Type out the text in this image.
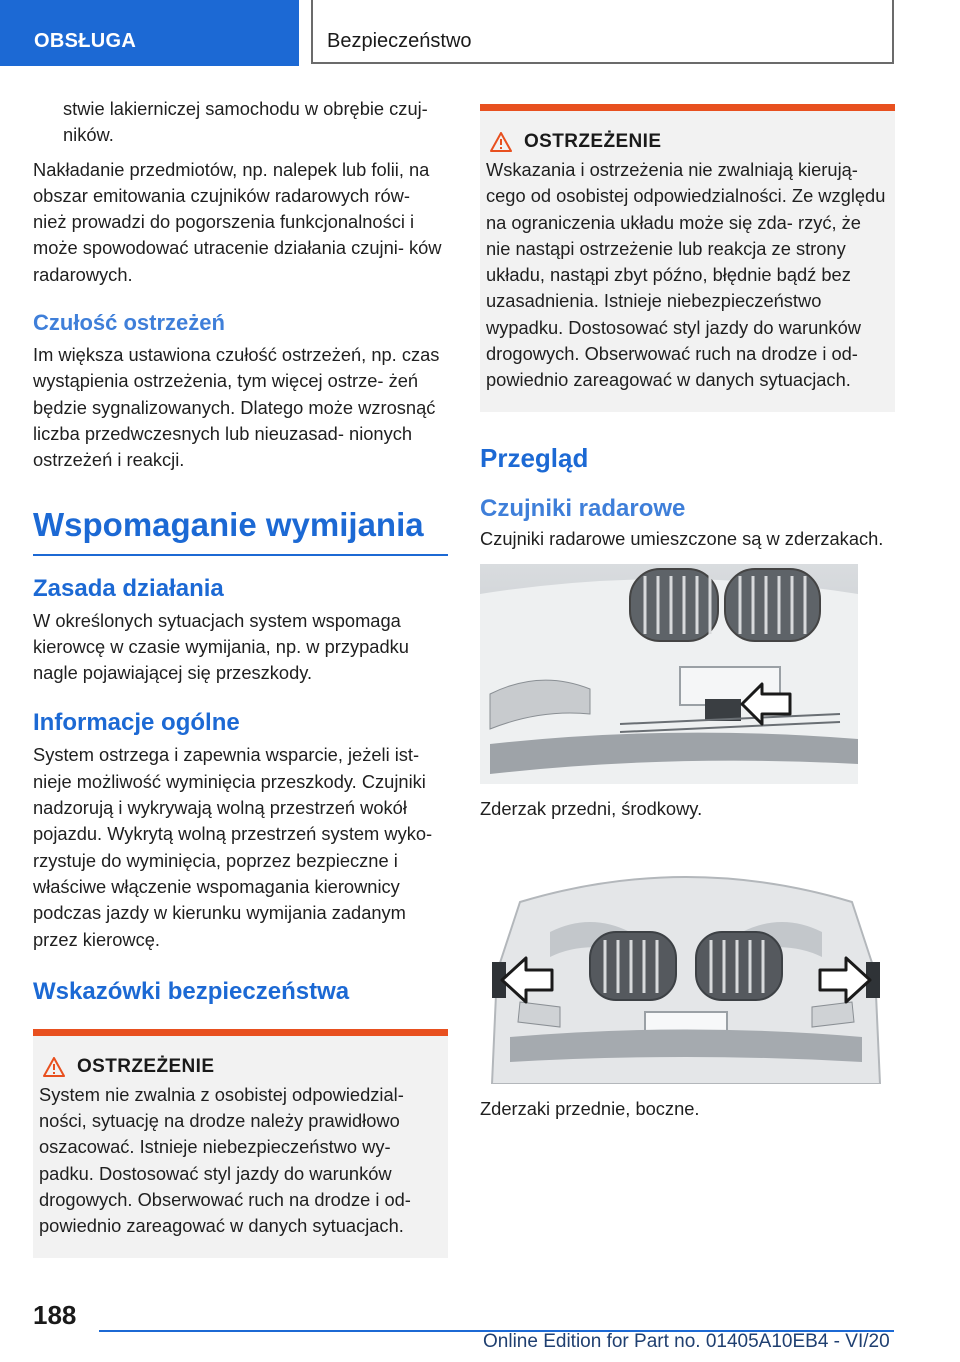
OBSŁUGA	Bezpieczeństwo

stwie lakierniczej samochodu w obrębie czuj- ników.

Nakładanie przedmiotów, np. nalepek lub folii, na obszar emitowania czujników radarowych rów- nież prowadzi do pogorszenia funkcjonalności i może spowodować utracenie działania czujni- ków radarowych.

Czułość ostrzeżeń

Im większa ustawiona czułość ostrzeżeń, np. czas wystąpienia ostrzeżenia, tym więcej ostrze- żeń będzie sygnalizowanych. Dlatego może wzrosnąć liczba przedwczesnych lub nieuzasad- nionych ostrzeżeń i reakcji.

Wspomaganie wymijania
Zasada działania

W określonych sytuacjach system wspomaga kierowcę w czasie wymijania, np. w przypadku nagle pojawiającej się przeszkody.

Informacje ogólne

System ostrzega i zapewnia wsparcie, jeżeli ist- nieje możliwość wyminięcia przeszkody. Czujniki nadzorują i wykrywają wolną przestrzeń wokół pojazdu. Wykrytą wolną przestrzeń system wyko- rzystuje do wyminięcia, poprzez bezpieczne i właściwe włączenie wspomagania kierownicy podczas jazdy w kierunku wymijania zadanym przez kierowcę.

Wskazówki bezpieczeństwa
OSTRZEŻENIE

System nie zwalnia z osobistej odpowiedzial- ności, sytuację na drodze należy prawidłowo oszacować. Istnieje niebezpieczeństwo wy- padku. Dostosować styl jazdy do warunków drogowych. Obserwować ruch na drodze i od- powiednio zareagować w danych sytuacjach.

OSTRZEŻENIE

Wskazania i ostrzeżenia nie zwalniają kierują- cego od osobistej odpowiedzialności. Ze względu na ograniczenia układu może się zda- rzyć, że nie nastąpi ostrzeżenie lub reakcja ze strony układu, nastąpi zbyt późno, błędnie bądź bez uzasadnienia. Istnieje niebezpieczeństwo wypadku. Dostosować styl jazdy do warunków drogowych. Obserwować ruch na drodze i od- powiednio zareagować w danych sytuacjach.

Przegląd
Czujniki radarowe

Czujniki radarowe umieszczone są w zderzakach.

Zderzak przedni, środkowy.

Zderzaki przednie, boczne.

188
Online Edition for Part no. 01405A10EB4 - VI/20
